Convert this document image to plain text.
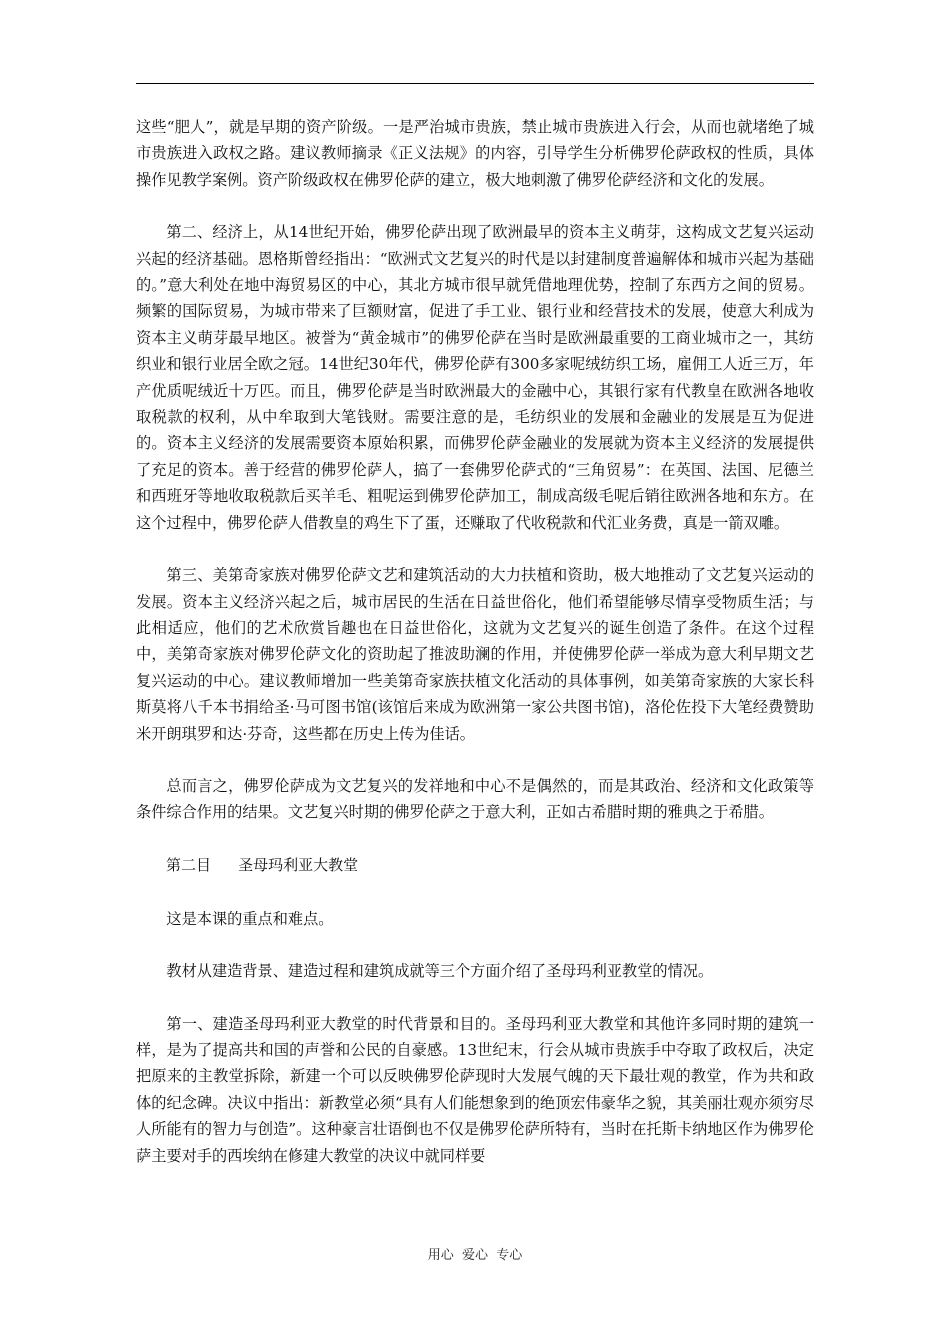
这些“肥人”，就是早期的资产阶级。一是严治城市贵族，禁止城市贵族进入行会，从而也就堵绝了城市贵族进入政权之路。建议教师摘录《正义法规》的内容，引导学生分析佛罗伦萨政权的性质，具体操作见教学案例。资产阶级政权在佛罗伦萨的建立，极大地刺激了佛罗伦萨经济和文化的发展。

第二、经济上，从14世纪开始，佛罗伦萨出现了欧洲最早的资本主义萌芽，这构成文艺复兴运动兴起的经济基础。恩格斯曾经指出：“欧洲式文艺复兴的时代是以封建制度普遍解体和城市兴起为基础的。”意大利处在地中海贸易区的中心，其北方城市很早就凭借地理优势，控制了东西方之间的贸易。频繁的国际贸易，为城市带来了巨额财富，促进了手工业、银行业和经营技术的发展，使意大利成为资本主义萌芽最早地区。被誉为“黄金城市”的佛罗伦萨在当时是欧洲最重要的工商业城市之一，其纺织业和银行业居全欧之冠。14世纪30年代，佛罗伦萨有300多家呢绒纺织工场，雇佣工人近三万，年产优质呢绒近十万匹。而且，佛罗伦萨是当时欧洲最大的金融中心，其银行家有代教皇在欧洲各地收取税款的权利，从中牟取到大笔钱财。需要注意的是，毛纺织业的发展和金融业的发展是互为促进的。资本主义经济的发展需要资本原始积累，而佛罗伦萨金融业的发展就为资本主义经济的发展提供了充足的资本。善于经营的佛罗伦萨人，搞了一套佛罗伦萨式的“三角贸易”：在英国、法国、尼德兰和西班牙等地收取税款后买羊毛、粗呢运到佛罗伦萨加工，制成高级毛呢后销往欧洲各地和东方。在这个过程中，佛罗伦萨人借教皇的鸡生下了蛋，还赚取了代收税款和代汇业务费，真是一箭双雕。

第三、美第奇家族对佛罗伦萨文艺和建筑活动的大力扶植和资助，极大地推动了文艺复兴运动的发展。资本主义经济兴起之后，城市居民的生活在日益世俗化，他们希望能够尽情享受物质生活；与此相适应，他们的艺术欣赏旨趣也在日益世俗化，这就为文艺复兴的诞生创造了条件。在这个过程中，美第奇家族对佛罗伦萨文化的资助起了推波助澜的作用，并使佛罗伦萨一举成为意大利早期文艺复兴运动的中心。建议教师增加一些美第奇家族扶植文化活动的具体事例，如美第奇家族的大家长科斯莫将八千本书捐给圣·马可图书馆(该馆后来成为欧洲第一家公共图书馆)，洛伦佐投下大笔经费赞助米开朗琪罗和达·芬奇，这些都在历史上传为佳话。

总而言之，佛罗伦萨成为文艺复兴的发祥地和中心不是偶然的，而是其政治、经济和文化政策等条件综合作用的结果。文艺复兴时期的佛罗伦萨之于意大利，正如古希腊时期的雅典之于希腊。

第二目   圣母玛利亚大教堂

这是本课的重点和难点。

教材从建造背景、建造过程和建筑成就等三个方面介绍了圣母玛利亚教堂的情况。

第一、建造圣母玛利亚大教堂的时代背景和目的。圣母玛利亚大教堂和其他许多同时期的建筑一样，是为了提高共和国的声誉和公民的自豪感。13世纪末，行会从城市贵族手中夺取了政权后，决定把原来的主教堂拆除，新建一个可以反映佛罗伦萨现时大发展气魄的天下最壮观的教堂，作为共和政体的纪念碑。决议中指出：新教堂必须“具有人们能想象到的绝顶宏伟豪华之貌，其美丽壮观亦须穷尽人所能有的智力与创造”。这种豪言壮语倒也不仅是佛罗伦萨所特有，当时在托斯卡纳地区作为佛罗伦萨主要对手的西埃纳在修建大教堂的决议中就同样要

用心  爱心  专心
